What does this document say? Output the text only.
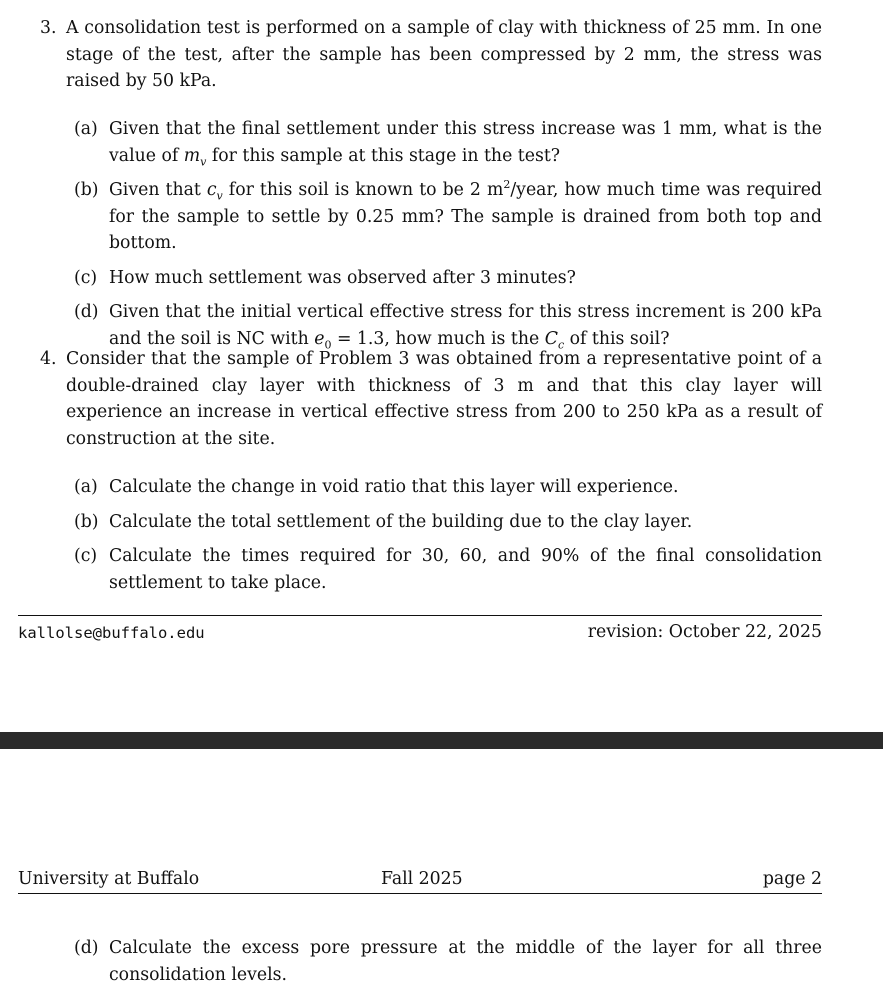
3. A consolidation test is performed on a sample of clay with thickness of 25 mm. In one stage of the test, after the sample has been compressed by 2 mm, the stress was raised by 50 kPa.
(a) Given that the final settlement under this stress increase was 1 mm, what is the value of $m_v$ for this sample at this stage in the test?
(b) Given that $c_v$ for this soil is known to be 2 $m^2$/year, how much time was required for the sample to settle by 0.25 mm? The sample is drained from both top and bottom.
(c) How much settlement was observed after 3 minutes?
(d) Given that the initial vertical effective stress for this stress increment is 200 kPa and the soil is NC with $e_0 = 1.3$, how much is the $C_c$ of this soil?
4. Consider that the sample of Problem 3 was obtained from a representative point of a double-drained clay layer with thickness of 3 m and that this clay layer will experience an increase in vertical effective stress from 200 to 250 kPa as a result of construction at the site.
(a) Calculate the change in void ratio that this layer will experience.
(b) Calculate the total settlement of the building due to the clay layer.
(c) Calculate the times required for 30, 60, and 90% of the final consolidation settlement to take place.
kallolse@buffalo.edu	revision: October 22, 2025
University at Buffalo	Fall 2025	page 2
(d) Calculate the excess pore pressure at the middle of the layer for all three consolidation levels.
